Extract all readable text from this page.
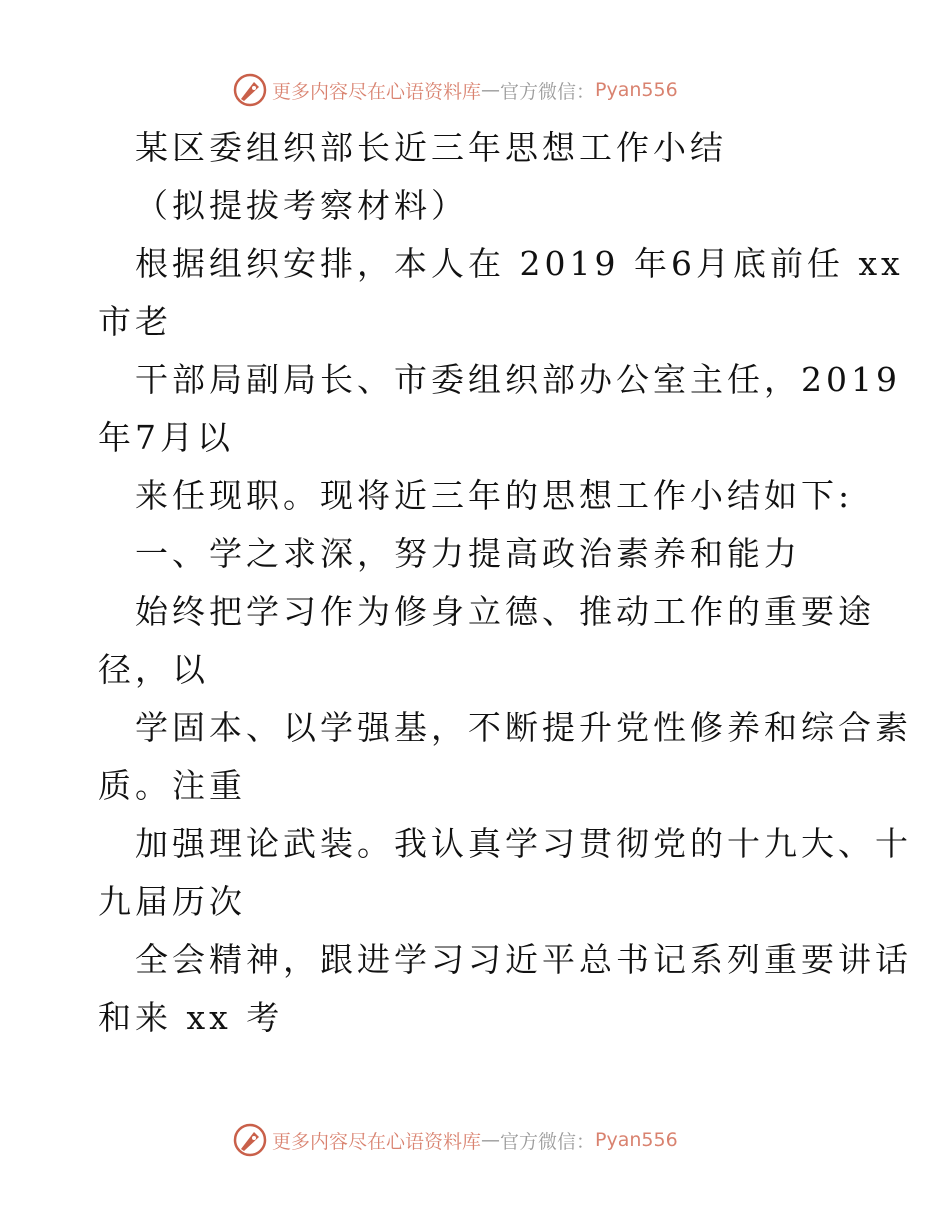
更多内容尽在心语资料库 — 官方微信： Pyan556
某区委组织部长近三年思想工作小结
（拟提拔考察材料）
根据组织安排，本人在 2019 年6月底前任 xx
市老
干部局副局长、市委组织部办公室主任，2019
年7月以
来任现职。现将近三年的思想工作小结如下:
一、学之求深，努力提高政治素养和能力
始终把学习作为修身立德、推动工作的重要途
径，以
学固本、以学强基，不断提升党性修养和综合素
质。注重
加强理论武装。我认真学习贯彻党的十九大、十
九届历次
全会精神，跟进学习习近平总书记系列重要讲话
和来 xx 考
更多内容尽在心语资料库 — 官方微信： Pyan556
